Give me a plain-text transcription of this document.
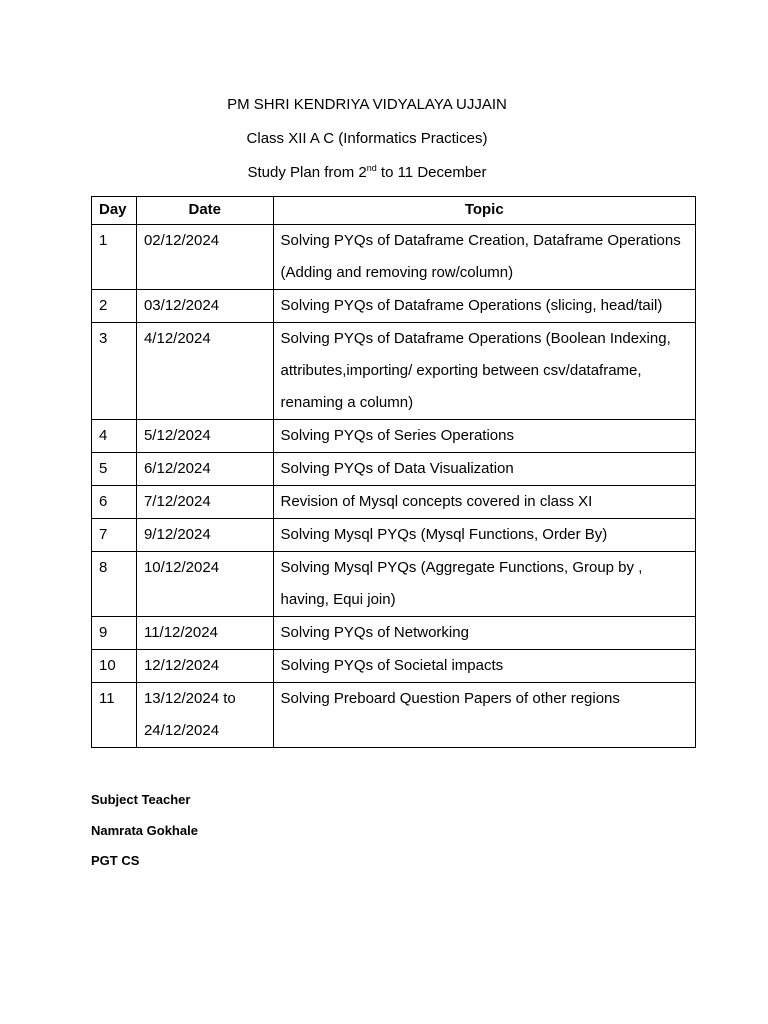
PM SHRI KENDRIYA VIDYALAYA UJJAIN
Class XII A C (Informatics Practices)
Study Plan from 2nd to 11 December
Day	Date	Topic
1	02/12/2024	Solving PYQs of Dataframe Creation, Dataframe Operations (Adding and removing row/column)
2	03/12/2024	Solving PYQs of Dataframe Operations (slicing, head/tail)
3	4/12/2024	Solving PYQs of Dataframe Operations (Boolean Indexing, attributes,importing/ exporting between csv/dataframe, renaming a column)
4	5/12/2024	Solving PYQs of Series Operations
5	6/12/2024	Solving PYQs of Data Visualization
6	7/12/2024	Revision of Mysql concepts covered in class XI
7	9/12/2024	Solving Mysql PYQs (Mysql Functions, Order By)
8	10/12/2024	Solving Mysql PYQs (Aggregate Functions, Group by , having, Equi join)
9	11/12/2024	Solving PYQs of Networking
10	12/12/2024	Solving PYQs of Societal impacts
11	13/12/2024 to 24/12/2024	Solving Preboard Question Papers of other regions
Subject Teacher
Namrata Gokhale
PGT CS
